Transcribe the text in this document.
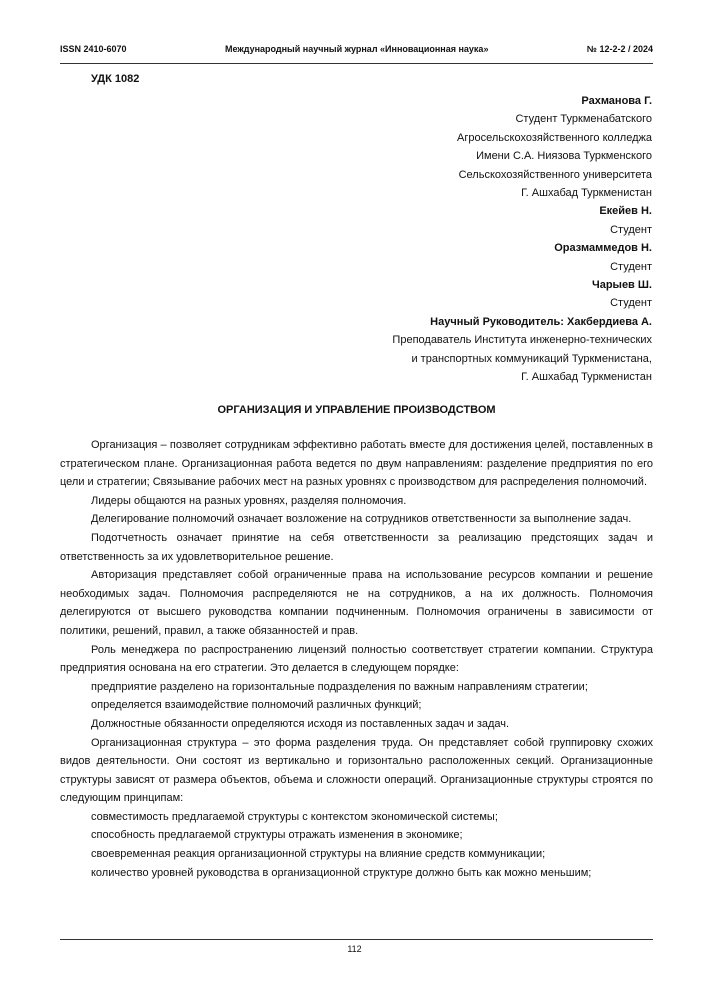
ISSN 2410-6070	Международный научный журнал «Инновационная наука»	№ 12-2-2 / 2024
УДК 1082
Рахманова Г.
Студент Туркменабатского
Агросельскохозяйственного колледжа
Имени С.А. Ниязова Туркменского
Сельскохозяйственного университета
Г. Ашхабад Туркменистан
Екейев Н.
Студент
Оразмаммедов Н.
Студент
Чарыев Ш.
Студент
Научный Руководитель: Хакбердиева А.
Преподаватель Института инженерно-технических
и транспортных коммуникаций Туркменистана,
Г. Ашхабад Туркменистан
ОРГАНИЗАЦИЯ И УПРАВЛЕНИЕ ПРОИЗВОДСТВОМ

Организация – позволяет сотрудникам эффективно работать вместе для достижения целей, поставленных в стратегическом плане. Организационная работа ведется по двум направлениям: разделение предприятия по его цели и стратегии; Связывание рабочих мест на разных уровнях с производством для распределения полномочий.

Лидеры общаются на разных уровнях, разделяя полномочия.

Делегирование полномочий означает возложение на сотрудников ответственности за выполнение задач.

Подотчетность означает принятие на себя ответственности за реализацию предстоящих задач и ответственность за их удовлетворительное решение.

Авторизация представляет собой ограниченные права на использование ресурсов компании и решение необходимых задач. Полномочия распределяются не на сотрудников, а на их должность. Полномочия делегируются от высшего руководства компании подчиненным. Полномочия ограничены в зависимости от политики, решений, правил, а также обязанностей и прав.

Роль менеджера по распространению лицензий полностью соответствует стратегии компании. Структура предприятия основана на его стратегии. Это делается в следующем порядке:

предприятие разделено на горизонтальные подразделения по важным направлениям стратегии;

определяется взаимодействие полномочий различных функций;

Должностные обязанности определяются исходя из поставленных задач и задач.

Организационная структура – это форма разделения труда. Он представляет собой группировку схожих видов деятельности. Они состоят из вертикально и горизонтально расположенных секций. Организационные структуры зависят от размера объектов, объема и сложности операций. Организационные структуры строятся по следующим принципам:

совместимость предлагаемой структуры с контекстом экономической системы;

способность предлагаемой структуры отражать изменения в экономике;

своевременная реакция организационной структуры на влияние средств коммуникации;

количество уровней руководства в организационной структуре должно быть как можно меньшим;

112
